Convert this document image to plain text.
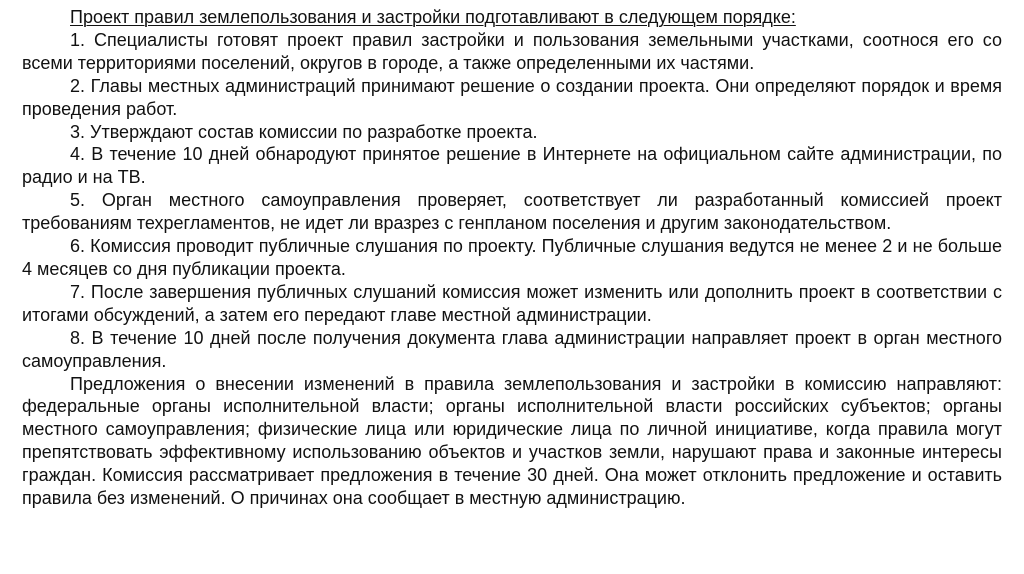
Проект правил землепользования и застройки подготавливают в следующем порядке:

1. Специалисты готовят проект правил застройки и пользования земельными участками, соотнося его со всеми территориями поселений, округов в городе, а также определенными их частями.

2. Главы местных администраций принимают решение о создании проекта. Они определяют порядок и время проведения работ.

3. Утверждают состав комиссии по разработке проекта.

4. В течение 10 дней обнародуют принятое решение в Интернете на официальном сайте администрации, по радио и на ТВ.

5. Орган местного самоуправления проверяет, соответствует ли разработанный комиссией проект требованиям техрегламентов, не идет ли вразрез с генпланом поселения и другим законодательством.

6. Комиссия проводит публичные слушания по проекту. Публичные слушания ведутся не менее 2 и не больше 4 месяцев со дня публикации проекта.

7. После завершения публичных слушаний комиссия может изменить или дополнить проект в соответствии с итогами обсуждений, а затем его передают главе местной администрации.

8. В течение 10 дней после получения документа глава администрации направляет проект в орган местного самоуправления.

Предложения о внесении изменений в правила землепользования и застройки в комиссию направляют: федеральные органы исполнительной власти; органы исполнительной власти российских субъектов; органы местного самоуправления; физические лица или юридические лица по личной инициативе, когда правила могут препятствовать эффективному использованию объектов и участков земли, нарушают права и законные интересы граждан. Комиссия рассматривает предложения в течение 30 дней. Она может отклонить предложение и оставить правила без изменений. О причинах она сообщает в местную администрацию.
